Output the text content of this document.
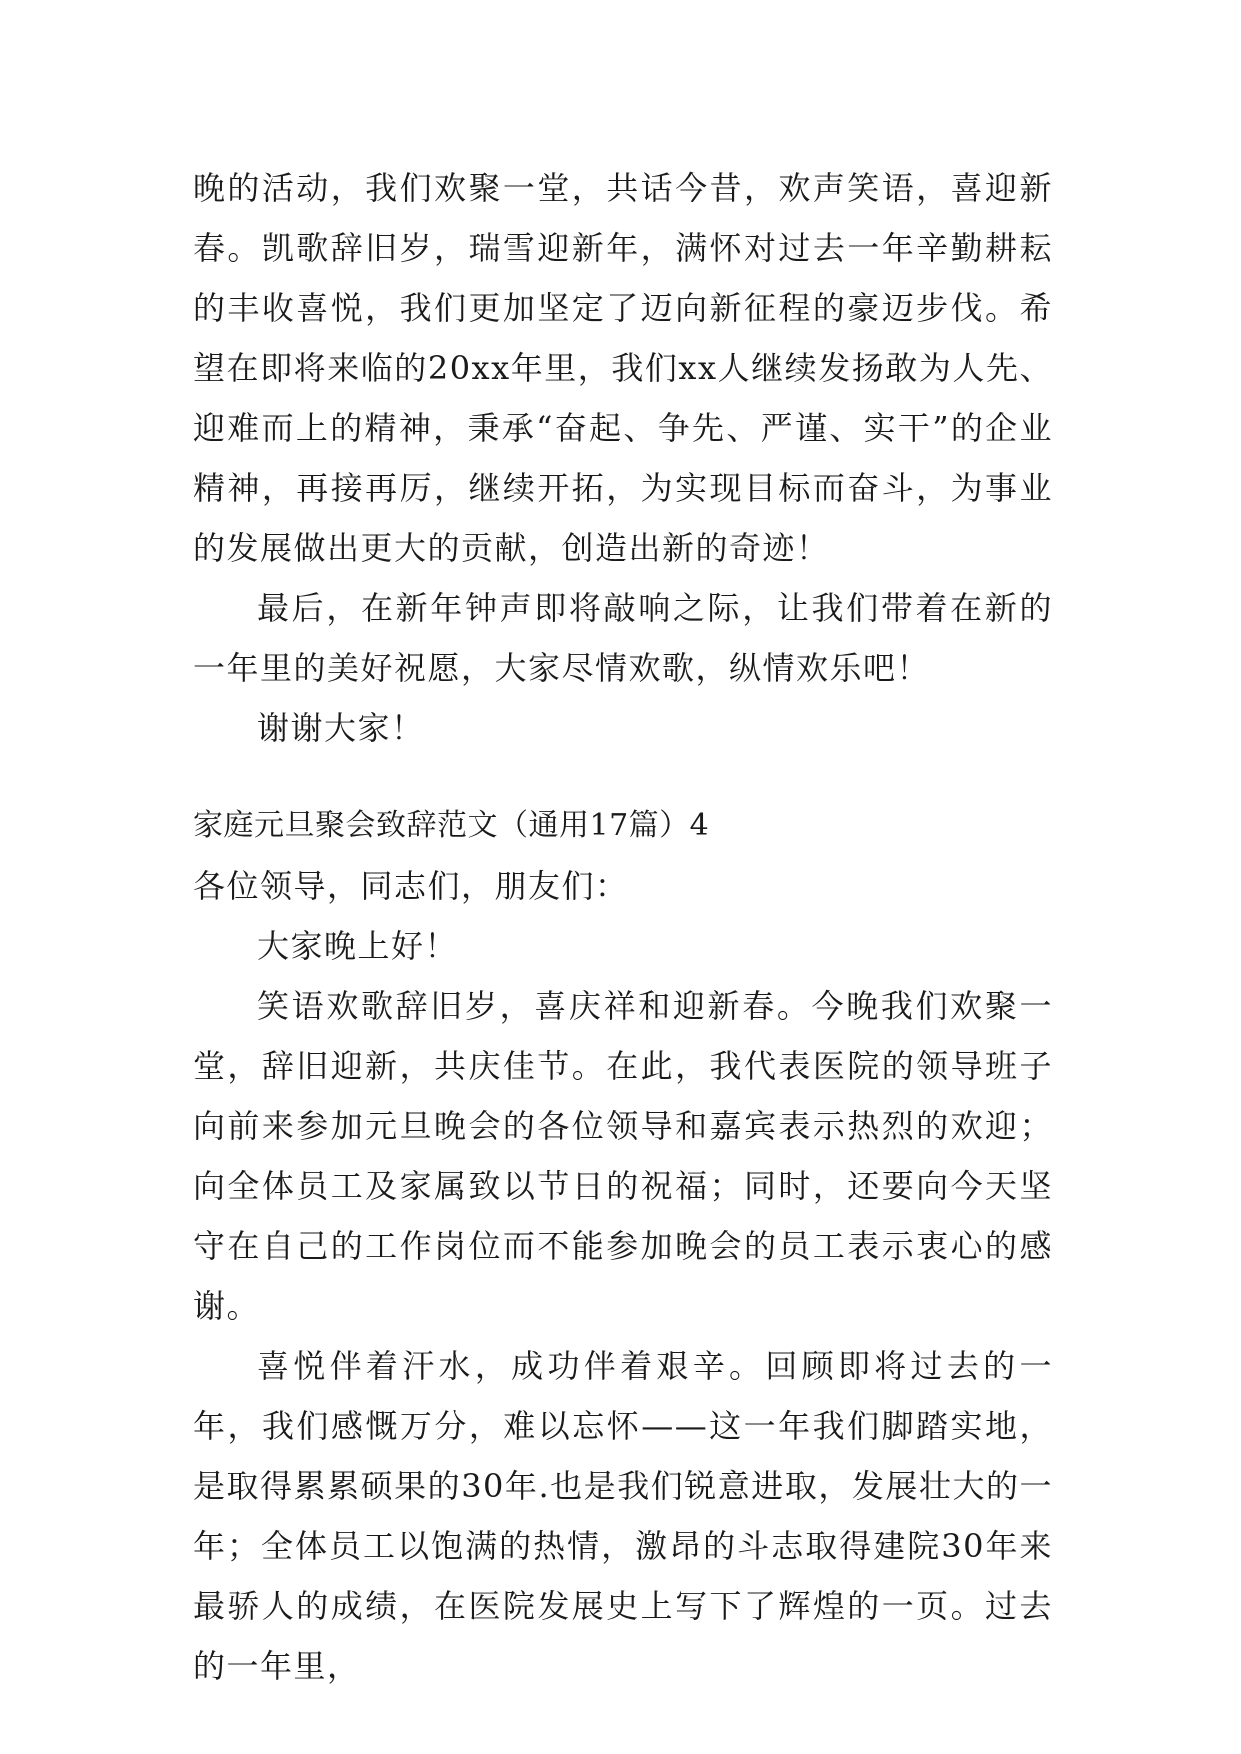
晚的活动，我们欢聚一堂，共话今昔，欢声笑语，喜迎新春。凯歌辞旧岁，瑞雪迎新年，满怀对过去一年辛勤耕耘的丰收喜悦，我们更加坚定了迈向新征程的豪迈步伐。希望在即将来临的20xx年里，我们xx人继续发扬敢为人先、迎难而上的精神，秉承“奋起、争先、严谨、实干”的企业精神，再接再厉，继续开拓，为实现目标而奋斗，为事业的发展做出更大的贡献，创造出新的奇迹！

最后，在新年钟声即将敲响之际，让我们带着在新的一年里的美好祝愿，大家尽情欢歌，纵情欢乐吧！

谢谢大家！

家庭元旦聚会致辞范文（通用17篇）4

各位领导，同志们，朋友们：

大家晚上好！

笑语欢歌辞旧岁，喜庆祥和迎新春。今晚我们欢聚一堂，辞旧迎新，共庆佳节。在此，我代表医院的领导班子向前来参加元旦晚会的各位领导和嘉宾表示热烈的欢迎；向全体员工及家属致以节日的祝福；同时，还要向今天坚守在自己的工作岗位而不能参加晚会的员工表示衷心的感谢。

喜悦伴着汗水，成功伴着艰辛。回顾即将过去的一年，我们感慨万分，难以忘怀——这一年我们脚踏实地，是取得累累硕果的30年.也是我们锐意进取，发展壮大的一年；全体员工以饱满的热情，激昂的斗志取得建院30年来最骄人的成绩，在医院发展史上写下了辉煌的一页。过去的一年里，
